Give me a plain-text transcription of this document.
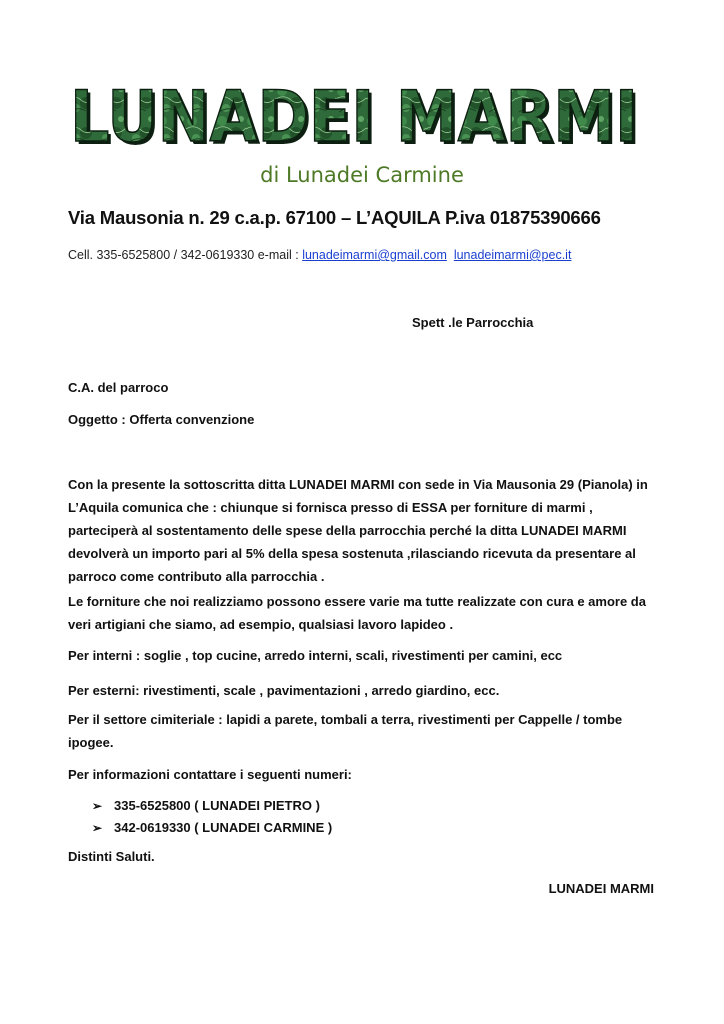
LUNADEI MARMI
LUNADEI MARMI
di Lunadei Carmine
Via Mausonia n. 29 c.a.p. 67100 – L’AQUILA P.iva 01875390666
Cell. 335-6525800 / 342-0619330 e-mail : lunadeimarmi@gmail.com lunadeimarmi@pec.it
Spett .le Parrocchia
C.A. del parroco
Oggetto : Offerta convenzione
Con la presente la sottoscritta ditta LUNADEI MARMI con sede in Via Mausonia 29 (Pianola) in L’Aquila comunica che : chiunque si fornisca presso di ESSA per forniture di marmi , parteciperà al sostentamento delle spese della parrocchia perché la ditta LUNADEI MARMI devolverà un importo pari al 5% della spesa sostenuta ,rilasciando ricevuta da presentare al parroco come contributo alla parrocchia .
Le forniture che noi realizziamo possono essere varie ma tutte realizzate con cura e amore da veri artigiani che siamo, ad esempio, qualsiasi lavoro lapideo .
Per interni : soglie , top cucine, arredo interni, scali, rivestimenti per camini, ecc
Per esterni: rivestimenti, scale , pavimentazioni , arredo giardino, ecc.
Per il settore cimiteriale : lapidi a parete, tombali a terra, rivestimenti per Cappelle / tombe ipogee.
Per informazioni contattare i seguenti numeri:
➢ 335-6525800 ( LUNADEI PIETRO )
➢ 342-0619330 ( LUNADEI CARMINE )
Distinti Saluti.
LUNADEI MARMI
